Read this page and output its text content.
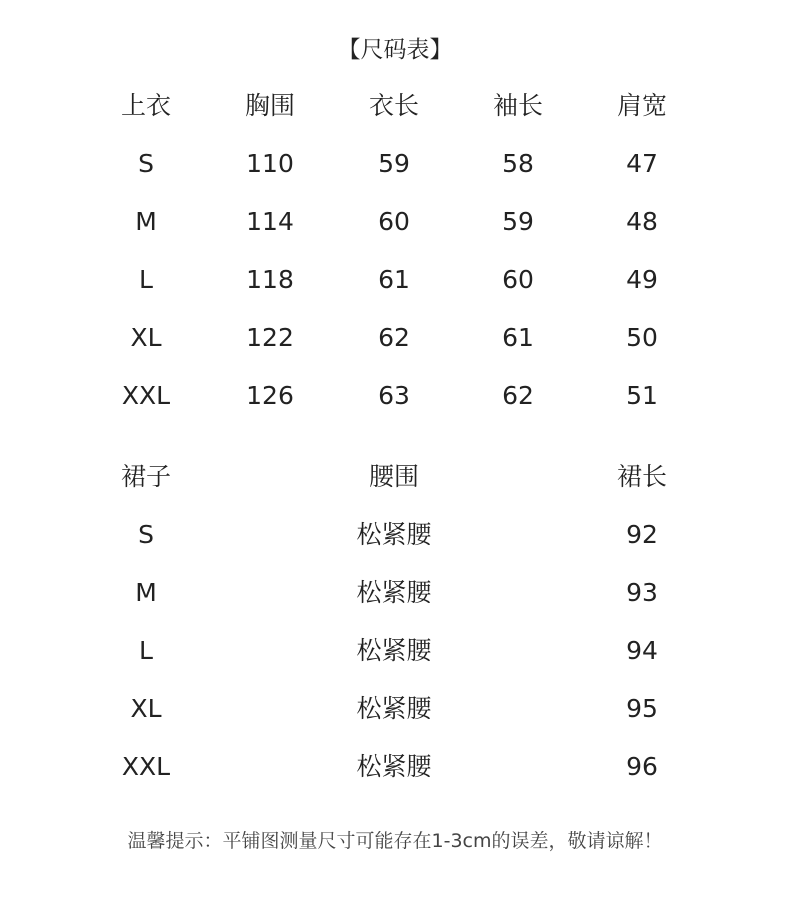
【尺码表】
上衣	胸围	衣长	袖长	肩宽
S	110	59	58	47
M	114	60	59	48
L	118	61	60	49
XL	122	62	61	50
XXL	126	63	62	51
裙子	腰围	裙长
S	松紧腰	92
M	松紧腰	93
L	松紧腰	94
XL	松紧腰	95
XXL	松紧腰	96
温馨提示：平铺图测量尺寸可能存在1-3cm的误差，敬请谅解！
